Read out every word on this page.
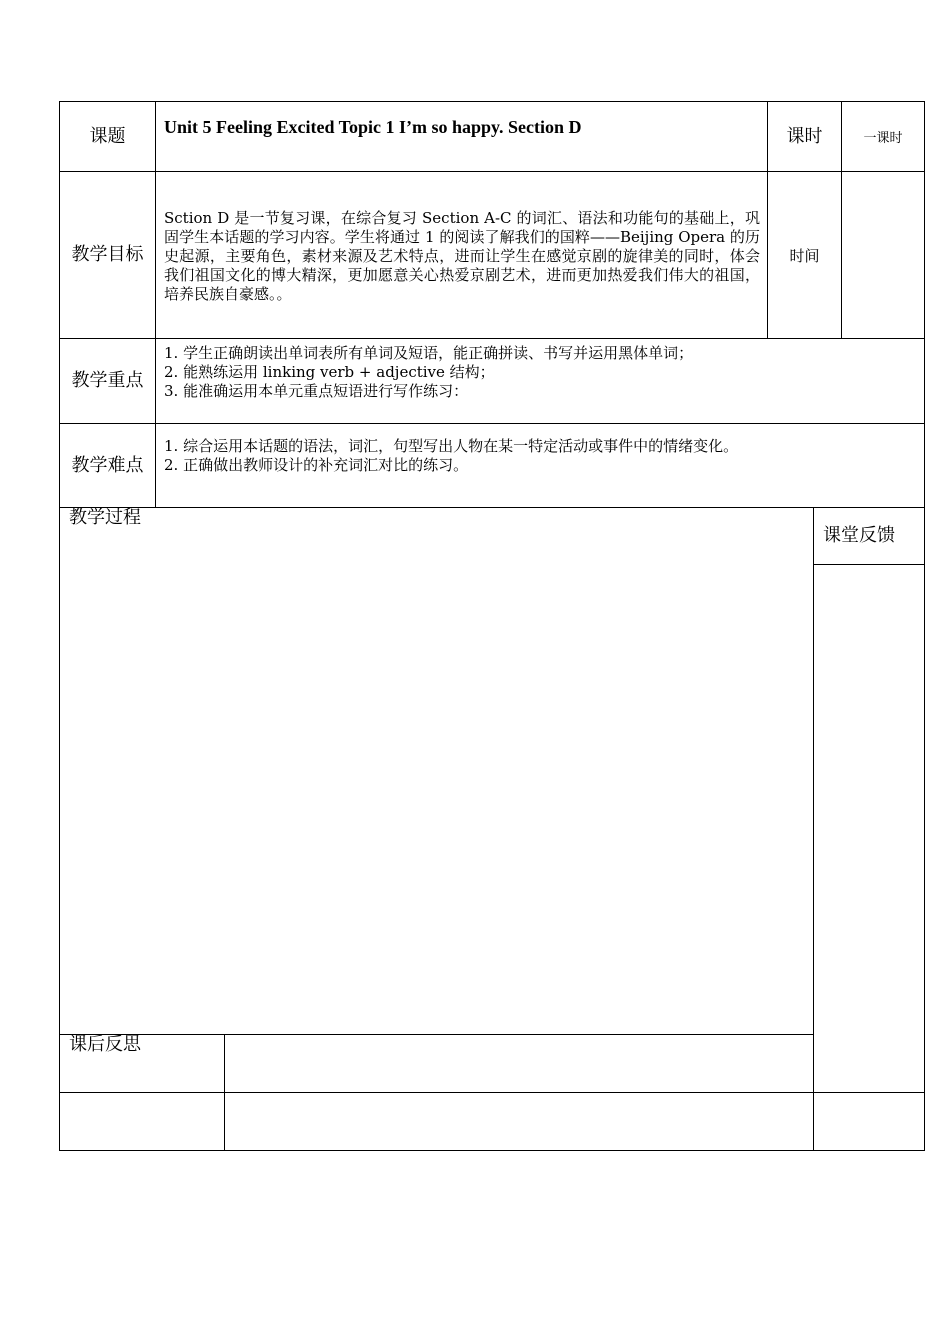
课题 Unit 5 Feeling Excited Topic 1 I’m so happy. Section D	课时	一课时
教学目标
Sction D 是一节复习课，在综合复习 Section A-C 的词汇、语法和功能句的基础上，巩固学生本话题的学习内容。学生将通过 1 的阅读了解我们的国粹——Beijing Opera 的历史起源，主要角色，素材来源及艺术特点，进而让学生在感觉京剧的旋律美的同时，体会我们祖国文化的博大精深，更加愿意关心热爱京剧艺术，进而更加热爱我们伟大的祖国，培养民族自豪感。。
时间
教学重点
1. 学生正确朗读出单词表所有单词及短语，能正确拼读、书写并运用黑体单词；
2. 能熟练运用 linking verb + adjective 结构；
3. 能准确运用本单元重点短语进行写作练习：
教学难点
1. 综合运用本话题的语法，词汇，句型写出人物在某一特定活动或事件中的情绪变化。
2. 正确做出教师设计的补充词汇对比的练习。
教学过程
课堂反馈
课后反思
